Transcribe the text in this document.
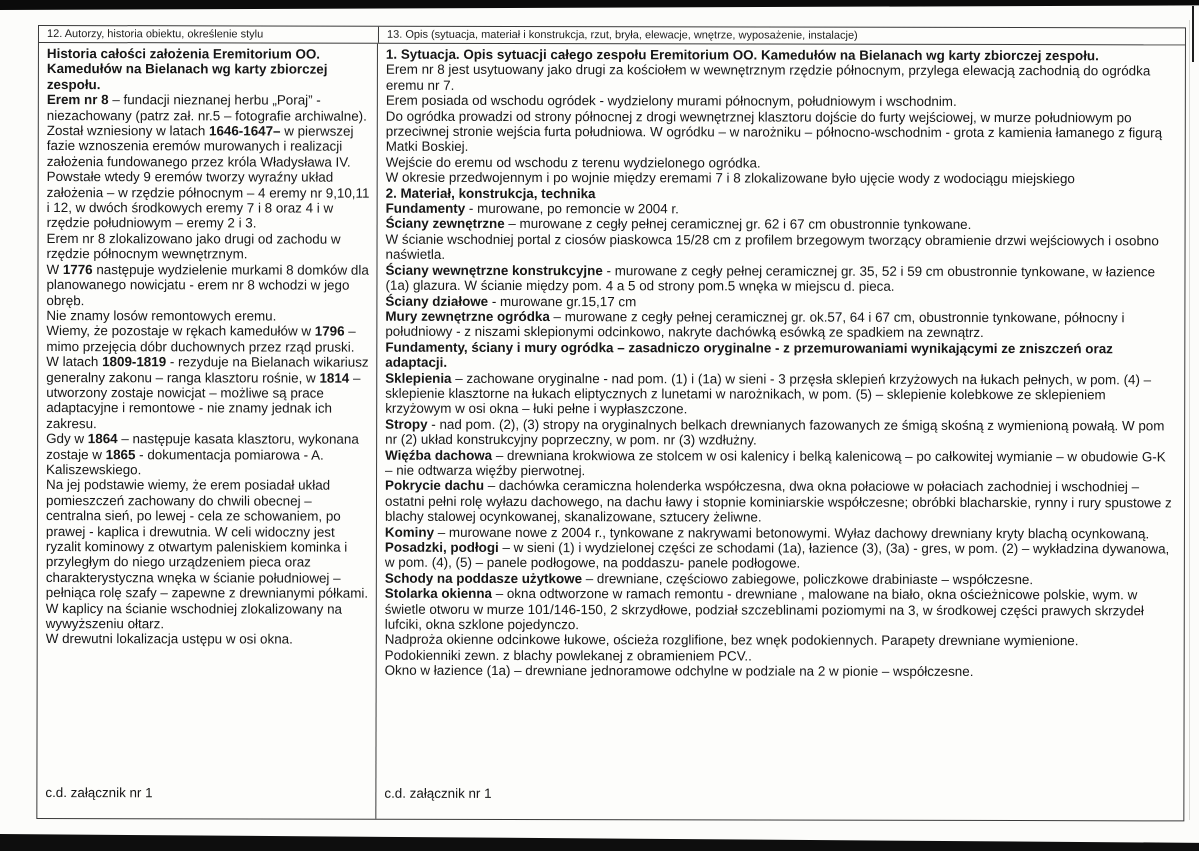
12. Autorzy, historia obiektu, określenie stylu	13. Opis (sytuacja, materiał i konstrukcja, rzut, bryła, elewacje, wnętrze, wyposażenie, instalacje)
Historia całości założenia Eremitorium OO. Kamedułów na Bielanach wg karty zbiorczej zespołu.
Erem nr 8 – fundacji nieznanej herbu „Poraj” - niezachowany (patrz zał. nr.5 – fotografie archiwalne).
Został wzniesiony w latach 1646-1647– w pierwszej fazie wznoszenia eremów murowanych i realizacji założenia fundowanego przez króla Władysława IV.
Powstałe wtedy 9 eremów tworzy wyraźny układ założenia – w rzędzie północnym – 4 eremy nr 9,10,11 i 12, w dwóch środkowych eremy 7 i 8 oraz 4 i w rzędzie południowym – eremy 2 i 3.
Erem nr 8 zlokalizowano jako drugi od zachodu w rzędzie północnym wewnętrznym.
W 1776 następuje wydzielenie murkami 8 domków dla planowanego nowicjatu - erem nr 8 wchodzi w jego obręb.
Nie znamy losów remontowych eremu.
Wiemy, że pozostaje w rękach kamedułów w 1796 –mimo przejęcia dóbr duchownych przez rząd pruski.
W latach 1809-1819 - rezyduje na Bielanach wikariusz generalny zakonu – ranga klasztoru rośnie, w 1814 – utworzony zostaje nowicjat – możliwe są prace adaptacyjne i remontowe - nie znamy jednak ich zakresu.
Gdy w 1864 – następuje kasata klasztoru, wykonana zostaje w 1865 - dokumentacja pomiarowa - A. Kaliszewskiego.
Na jej podstawie wiemy, że erem posiadał układ pomieszczeń zachowany do chwili obecnej – centralna sień, po lewej - cela ze schowaniem, po prawej - kaplica i drewutnia. W celi widoczny jest ryzalit kominowy z otwartym paleniskiem kominka i przyległym do niego urządzeniem pieca oraz charakterystyczna wnęka w ścianie południowej – pełniąca rolę szafy – zapewne z drewnianymi półkami. W kaplicy na ścianie wschodniej zlokalizowany na wywyższeniu ołtarz.
W drewutni lokalizacja ustępu w osi okna.
c.d. załącznik nr 1
1. Sytuacja. Opis sytuacji całego zespołu Eremitorium OO. Kamedułów na Bielanach wg karty zbiorczej zespołu.
Erem nr 8 jest usytuowany jako drugi za kościołem w wewnętrznym rzędzie północnym, przylega elewacją zachodnią do ogródka eremu nr 7.
Erem posiada od wschodu ogródek - wydzielony murami północnym, południowym i wschodnim.
Do ogródka prowadzi od strony północnej z drogi wewnętrznej klasztoru dojście do furty wejściowej, w murze południowym po przeciwnej stronie wejścia furta południowa. W ogródku – w narożniku – północno-wschodnim - grota z kamienia łamanego z figurą Matki Boskiej.
Wejście do eremu od wschodu z terenu wydzielonego ogródka.
W okresie przedwojennym i po wojnie między eremami 7 i 8 zlokalizowane było ujęcie wody z wodociągu miejskiego
2. Materiał, konstrukcja, technika
Fundamenty - murowane, po remoncie w 2004 r.
Ściany zewnętrzne – murowane z cegły pełnej ceramicznej gr. 62 i 67 cm obustronnie tynkowane.
W ścianie wschodniej portal z ciosów piaskowca 15/28 cm z profilem brzegowym tworzący obramienie drzwi wejściowych i osobno naświetla.
Ściany wewnętrzne konstrukcyjne - murowane z cegły pełnej ceramicznej gr. 35, 52 i 59 cm obustronnie tynkowane, w łazience (1a) glazura. W ścianie między pom. 4 a 5 od strony pom.5 wnęka w miejscu d. pieca.
Ściany działowe - murowane gr.15,17 cm
Mury zewnętrzne ogródka – murowane z cegły pełnej ceramicznej gr. ok.57, 64 i 67 cm, obustronnie tynkowane, północny i południowy - z niszami sklepionymi odcinkowo, nakryte dachówką esówką ze spadkiem na zewnątrz.
Fundamenty, ściany i mury ogródka – zasadniczo oryginalne - z przemurowaniami wynikającymi ze zniszczeń oraz adaptacji.
Sklepienia – zachowane oryginalne - nad pom. (1) i (1a) w sieni - 3 przęsła sklepień krzyżowych na łukach pełnych, w pom. (4) – sklepienie klasztorne na łukach eliptycznych z lunetami w narożnikach, w pom. (5) – sklepienie kolebkowe ze sklepieniem krzyżowym w osi okna – łuki pełne i wypłaszczone.
Stropy - nad pom. (2), (3) stropy na oryginalnych belkach drewnianych fazowanych ze śmigą skośną z wymienioną powałą. W pom nr (2) układ konstrukcyjny poprzeczny, w pom. nr (3) wzdłużny.
Więźba dachowa – drewniana krokwiowa ze stolcem w osi kalenicy i belką kalenicową – po całkowitej wymianie – w obudowie G-K – nie odtwarza więźby pierwotnej.
Pokrycie dachu – dachówka ceramiczna holenderka współczesna, dwa okna połaciowe w połaciach zachodniej i wschodniej – ostatni pełni rolę wyłazu dachowego, na dachu ławy i stopnie kominiarskie współczesne; obróbki blacharskie, rynny i rury spustowe z blachy stalowej ocynkowanej, skanalizowane, sztucery żeliwne.
Kominy – murowane nowe z 2004 r., tynkowane z nakrywami betonowymi. Wyłaz dachowy drewniany kryty blachą ocynkowaną.
Posadzki, podłogi – w sieni (1) i wydzielonej części ze schodami (1a), łazience (3), (3a) - gres, w pom. (2) – wykładzina dywanowa, w pom. (4), (5) – panele podłogowe, na poddaszu- panele podłogowe.
Schody na poddasze użytkowe – drewniane, częściowo zabiegowe, policzkowe drabiniaste – współczesne.
Stolarka okienna – okna odtworzone w ramach remontu - drewniane , malowane na biało, okna ościeżnicowe polskie, wym. w świetle otworu w murze 101/146-150, 2 skrzydłowe, podział szczeblinami poziomymi na 3, w środkowej części prawych skrzydeł lufciki, okna szklone pojedynczo.
Nadproża okienne odcinkowe łukowe, ościeża rozglifione, bez wnęk podokiennych. Parapety drewniane wymienione.
Podokienniki zewn. z blachy powlekanej z obramieniem PCV..
Okno w łazience (1a) – drewniane jednoramowe odchylne w podziale na 2 w pionie – współczesne.
c.d. załącznik nr 1
